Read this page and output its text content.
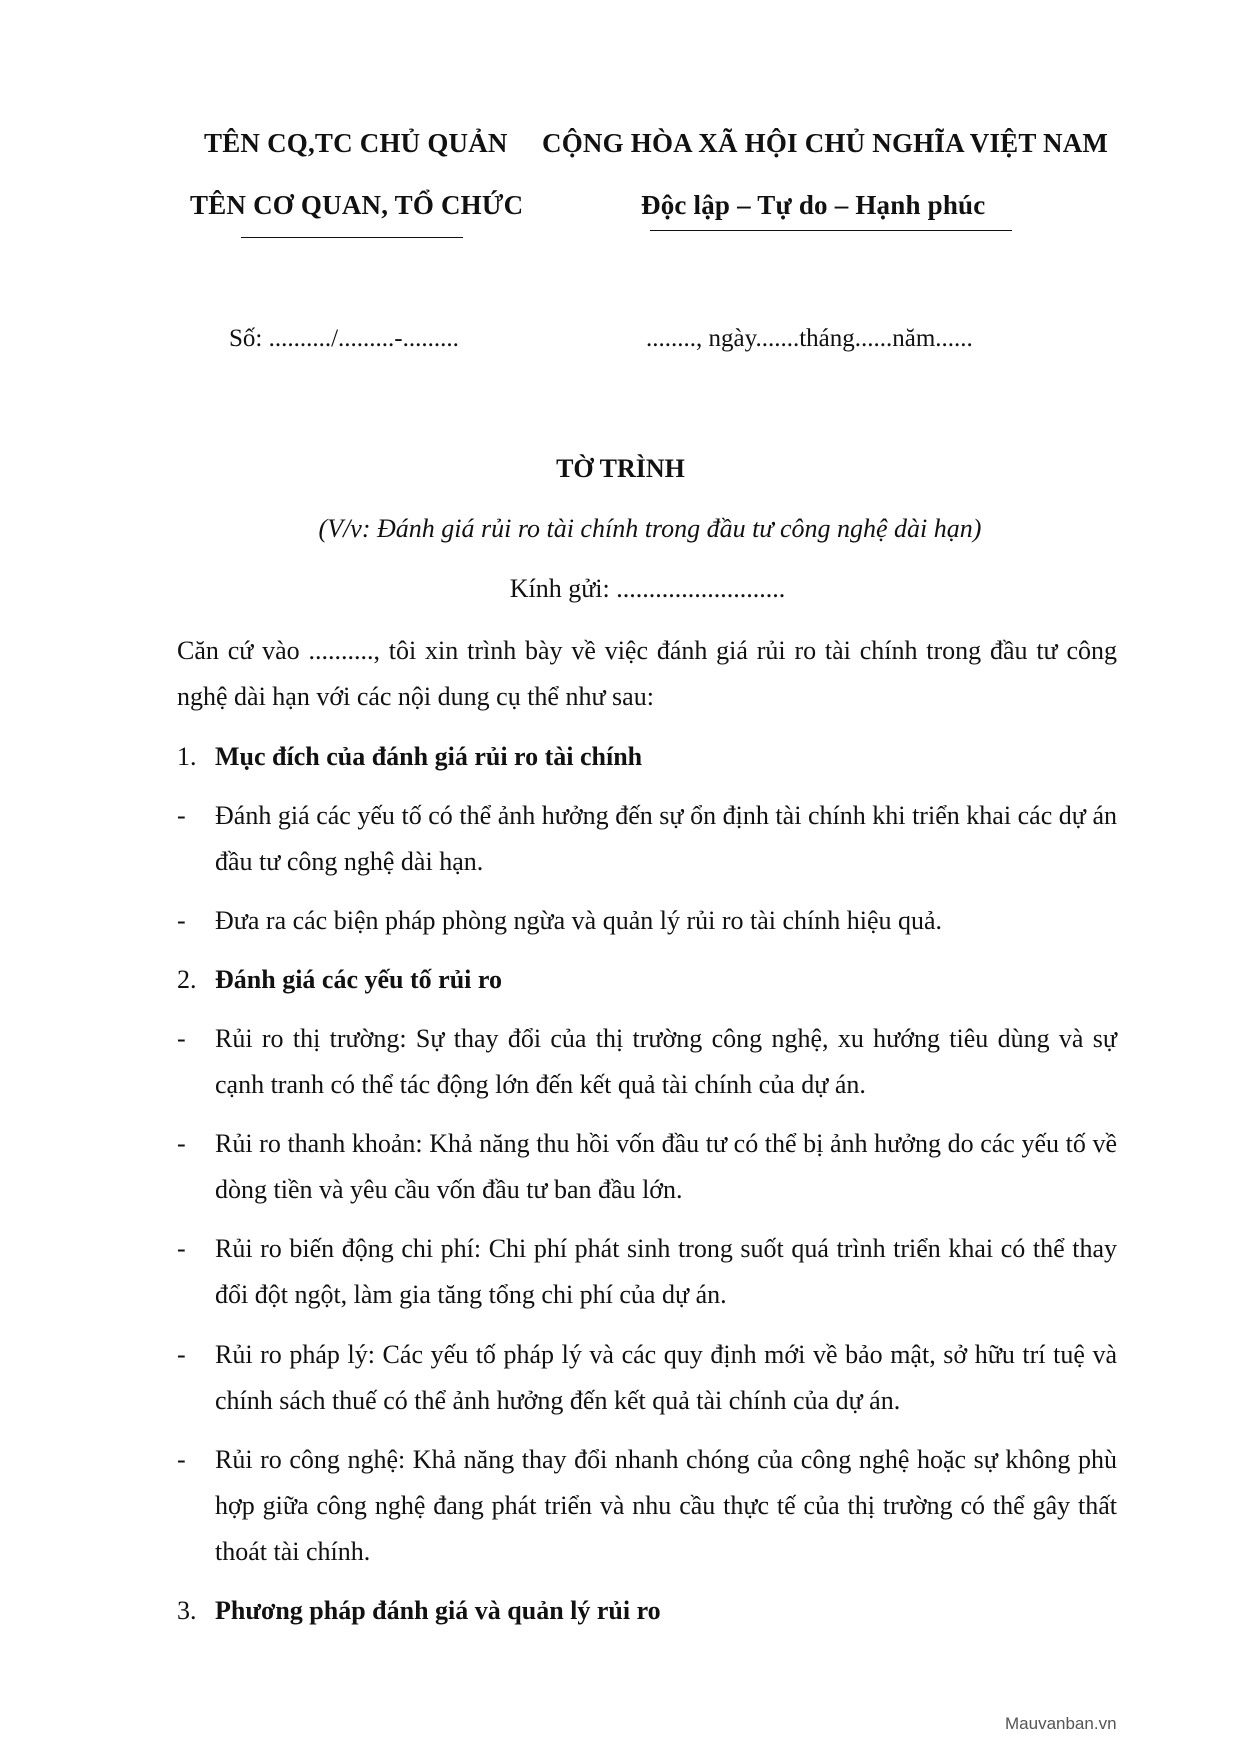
TÊN CQ,TC CHỦ QUẢN
TÊN CƠ QUAN, TỔ CHỨC
CỘNG HÒA XÃ HỘI CHỦ NGHĨA VIỆT NAM
Độc lập – Tự do – Hạnh phúc
Số: ........../.........-.........	........, ngày.......tháng......năm......
TỜ TRÌNH
(V/v: Đánh giá rủi ro tài chính trong đầu tư công nghệ dài hạn)
Kính gửi: ..........................
Căn cứ vào .........., tôi xin trình bày về việc đánh giá rủi ro tài chính trong đầu tư công nghệ dài hạn với các nội dung cụ thể như sau:
1. Mục đích của đánh giá rủi ro tài chính
- Đánh giá các yếu tố có thể ảnh hưởng đến sự ổn định tài chính khi triển khai các dự án đầu tư công nghệ dài hạn.
- Đưa ra các biện pháp phòng ngừa và quản lý rủi ro tài chính hiệu quả.
2. Đánh giá các yếu tố rủi ro
- Rủi ro thị trường: Sự thay đổi của thị trường công nghệ, xu hướng tiêu dùng và sự cạnh tranh có thể tác động lớn đến kết quả tài chính của dự án.
- Rủi ro thanh khoản: Khả năng thu hồi vốn đầu tư có thể bị ảnh hưởng do các yếu tố về dòng tiền và yêu cầu vốn đầu tư ban đầu lớn.
- Rủi ro biến động chi phí: Chi phí phát sinh trong suốt quá trình triển khai có thể thay đổi đột ngột, làm gia tăng tổng chi phí của dự án.
- Rủi ro pháp lý: Các yếu tố pháp lý và các quy định mới về bảo mật, sở hữu trí tuệ và chính sách thuế có thể ảnh hưởng đến kết quả tài chính của dự án.
- Rủi ro công nghệ: Khả năng thay đổi nhanh chóng của công nghệ hoặc sự không phù hợp giữa công nghệ đang phát triển và nhu cầu thực tế của thị trường có thể gây thất thoát tài chính.
3. Phương pháp đánh giá và quản lý rủi ro
Mauvanban.vn
